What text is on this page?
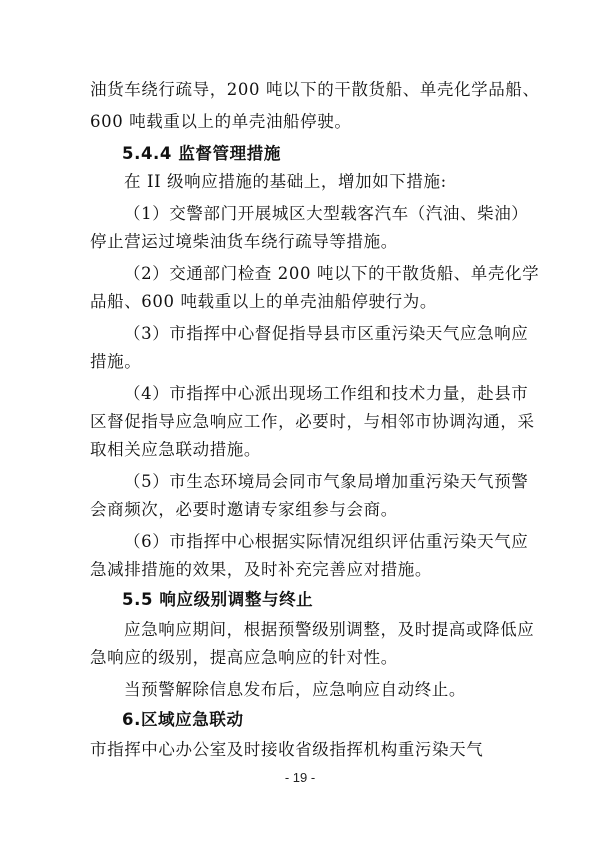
油货车绕行疏导，200 吨以下的干散货船、单壳化学品船、
600 吨载重以上的单壳油船停驶。
5.4.4 监督管理措施
在 II 级响应措施的基础上，增加如下措施:
（1）交警部门开展城区大型载客汽车（汽油、柴油）
停止营运过境柴油货车绕行疏导等措施。
（2）交通部门检查 200 吨以下的干散货船、单壳化学
品船、600 吨载重以上的单壳油船停驶行为。
（3）市指挥中心督促指导县市区重污染天气应急响应
措施。
（4）市指挥中心派出现场工作组和技术力量，赴县市
区督促指导应急响应工作，必要时，与相邻市协调沟通，采
取相关应急联动措施。
（5）市生态环境局会同市气象局增加重污染天气预警
会商频次，必要时邀请专家组参与会商。
（6）市指挥中心根据实际情况组织评估重污染天气应
急减排措施的效果，及时补充完善应对措施。
5.5 响应级别调整与终止
应急响应期间，根据预警级别调整，及时提高或降低应
急响应的级别，提高应急响应的针对性。
当预警解除信息发布后，应急响应自动终止。
6.区域应急联动
市指挥中心办公室及时接收省级指挥机构重污染天气
- 19 -
